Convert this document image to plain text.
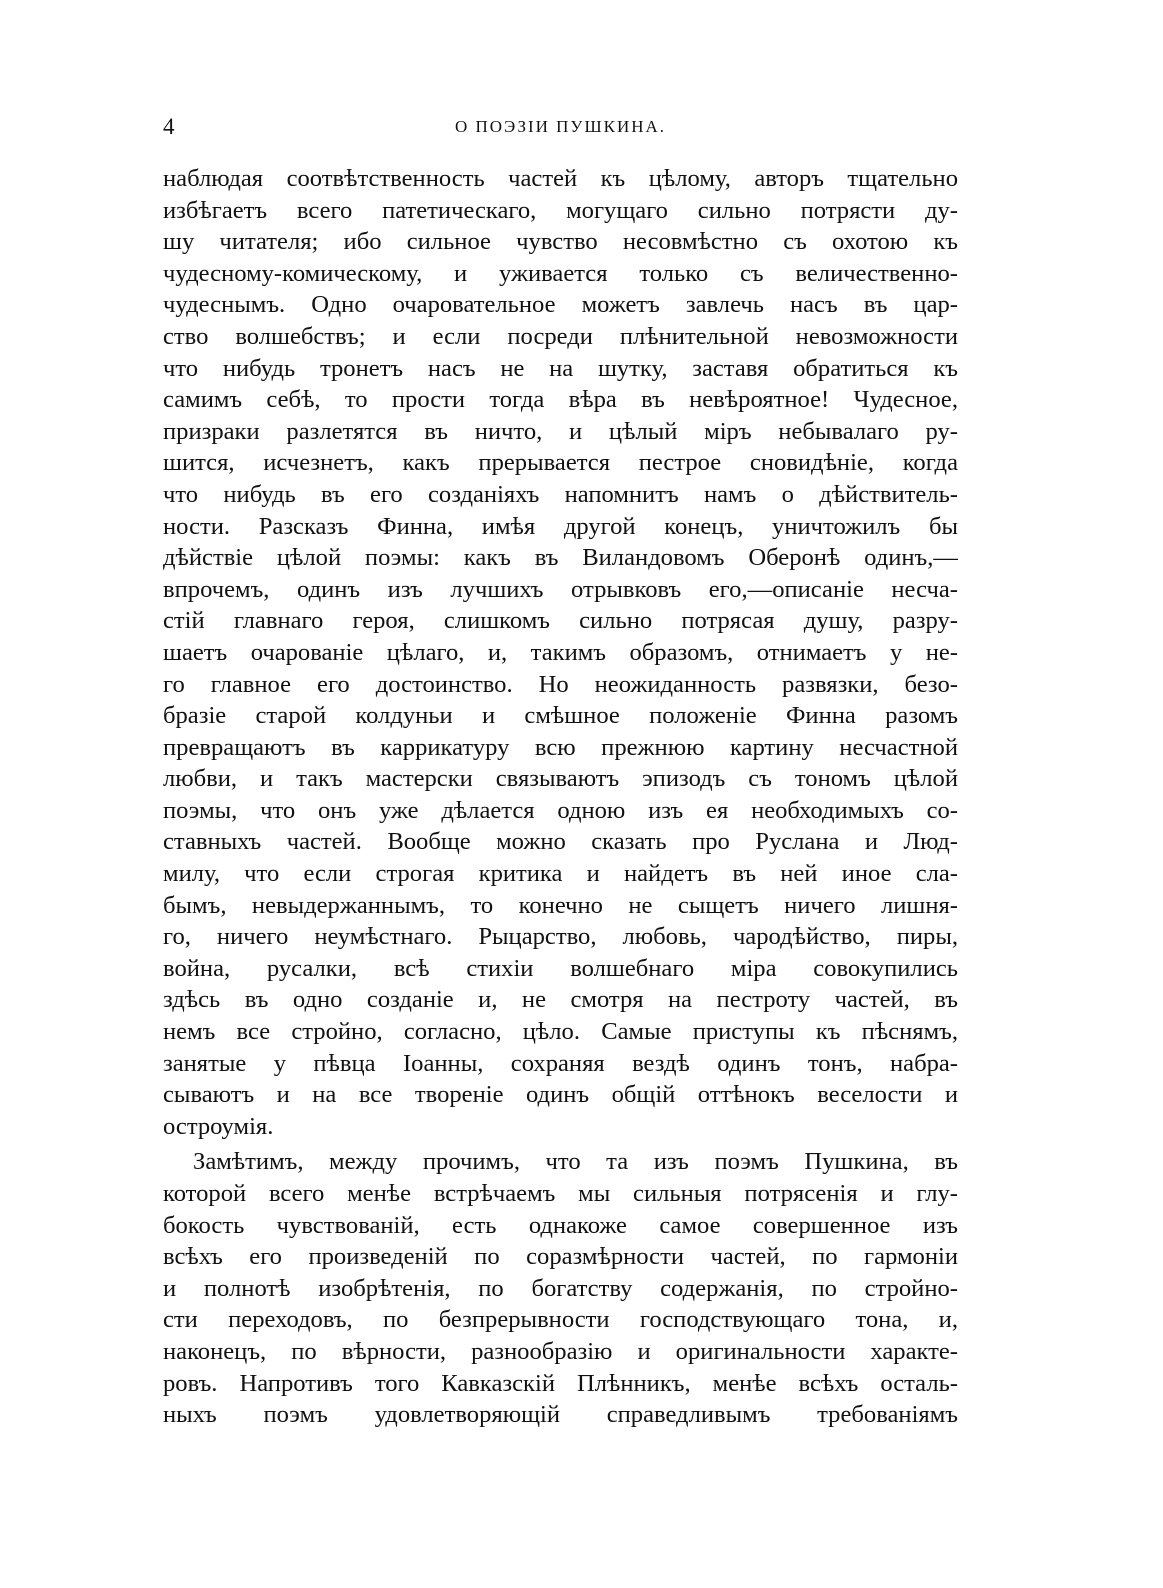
4	О ПОЭЗІИ ПУШКИНА.
наблюдая соотвѣтственность частей къ цѣлому, авторъ тщательно
избѣгаетъ всего патетическаго, могущаго сильно потрясти ду-
шу читателя; ибо сильное чувство несовмѣстно съ охотою къ
чудесному-комическому, и уживается только съ величественно-
чудеснымъ. Одно очаровательное можетъ завлечь насъ въ цар-
ство волшебствъ; и если посреди плѣнительной невозможности
что нибудь тронетъ насъ не на шутку, заставя обратиться къ
самимъ себѣ, то прости тогда вѣра въ невѣроятное! Чудесное,
призраки разлетятся въ ничто, и цѣлый міръ небывалаго ру-
шится, исчезнетъ, какъ прерывается пестрое сновидѣніе, когда
что нибудь въ его созданіяхъ напомнитъ намъ о дѣйствитель-
ности. Разсказъ Финна, имѣя другой конецъ, уничтожилъ бы
дѣйствіе цѣлой поэмы: какъ въ Виландовомъ Оберонѣ одинъ,—
впрочемъ, одинъ изъ лучшихъ отрывковъ его,—описаніе несча-
стій главнаго героя, слишкомъ сильно потрясая душу, разру-
шаетъ очарованіе цѣлаго, и, такимъ образомъ, отнимаетъ у не-
го главное его достоинство. Но неожиданность развязки, безо-
бразіе старой колдуньи и смѣшное положеніе Финна разомъ
превращаютъ въ каррикатуру всю прежнюю картину несчастной
любви, и такъ мастерски связываютъ эпизодъ съ тономъ цѣлой
поэмы, что онъ уже дѣлается одною изъ ея необходимыхъ со-
ставныхъ частей. Вообще можно сказать про Руслана и Люд-
милу, что если строгая критика и найдетъ въ ней иное сла-
бымъ, невыдержаннымъ, то конечно не сыщетъ ничего лишня-
го, ничего неумѣстнаго. Рыцарство, любовь, чародѣйство, пиры,
война, русалки, всѣ стихіи волшебнаго міра совокупились
здѣсь въ одно созданіе и, не смотря на пестроту частей, въ
немъ все стройно, согласно, цѣло. Самые приступы къ пѣснямъ,
занятые у пѣвца Іоанны, сохраняя вездѣ одинъ тонъ, набра-
сываютъ и на все твореніе одинъ общій оттѣнокъ веселости и
остроумія.
Замѣтимъ, между прочимъ, что та изъ поэмъ Пушкина, въ
которой всего менѣе встрѣчаемъ мы сильныя потрясенія и глу-
бокость чувствованій, есть однакоже самое совершенное изъ
всѣхъ его произведеній по соразмѣрности частей, по гармоніи
и полнотѣ изобрѣтенія, по богатству содержанія, по стройно-
сти переходовъ, по безпрерывности господствующаго тона, и,
наконецъ, по вѣрности, разнообразію и оригинальности характе-
ровъ. Напротивъ того Кавказскій Плѣнникъ, менѣе всѣхъ осталь-
ныхъ поэмъ удовлетворяющій справедливымъ требованіямъ
